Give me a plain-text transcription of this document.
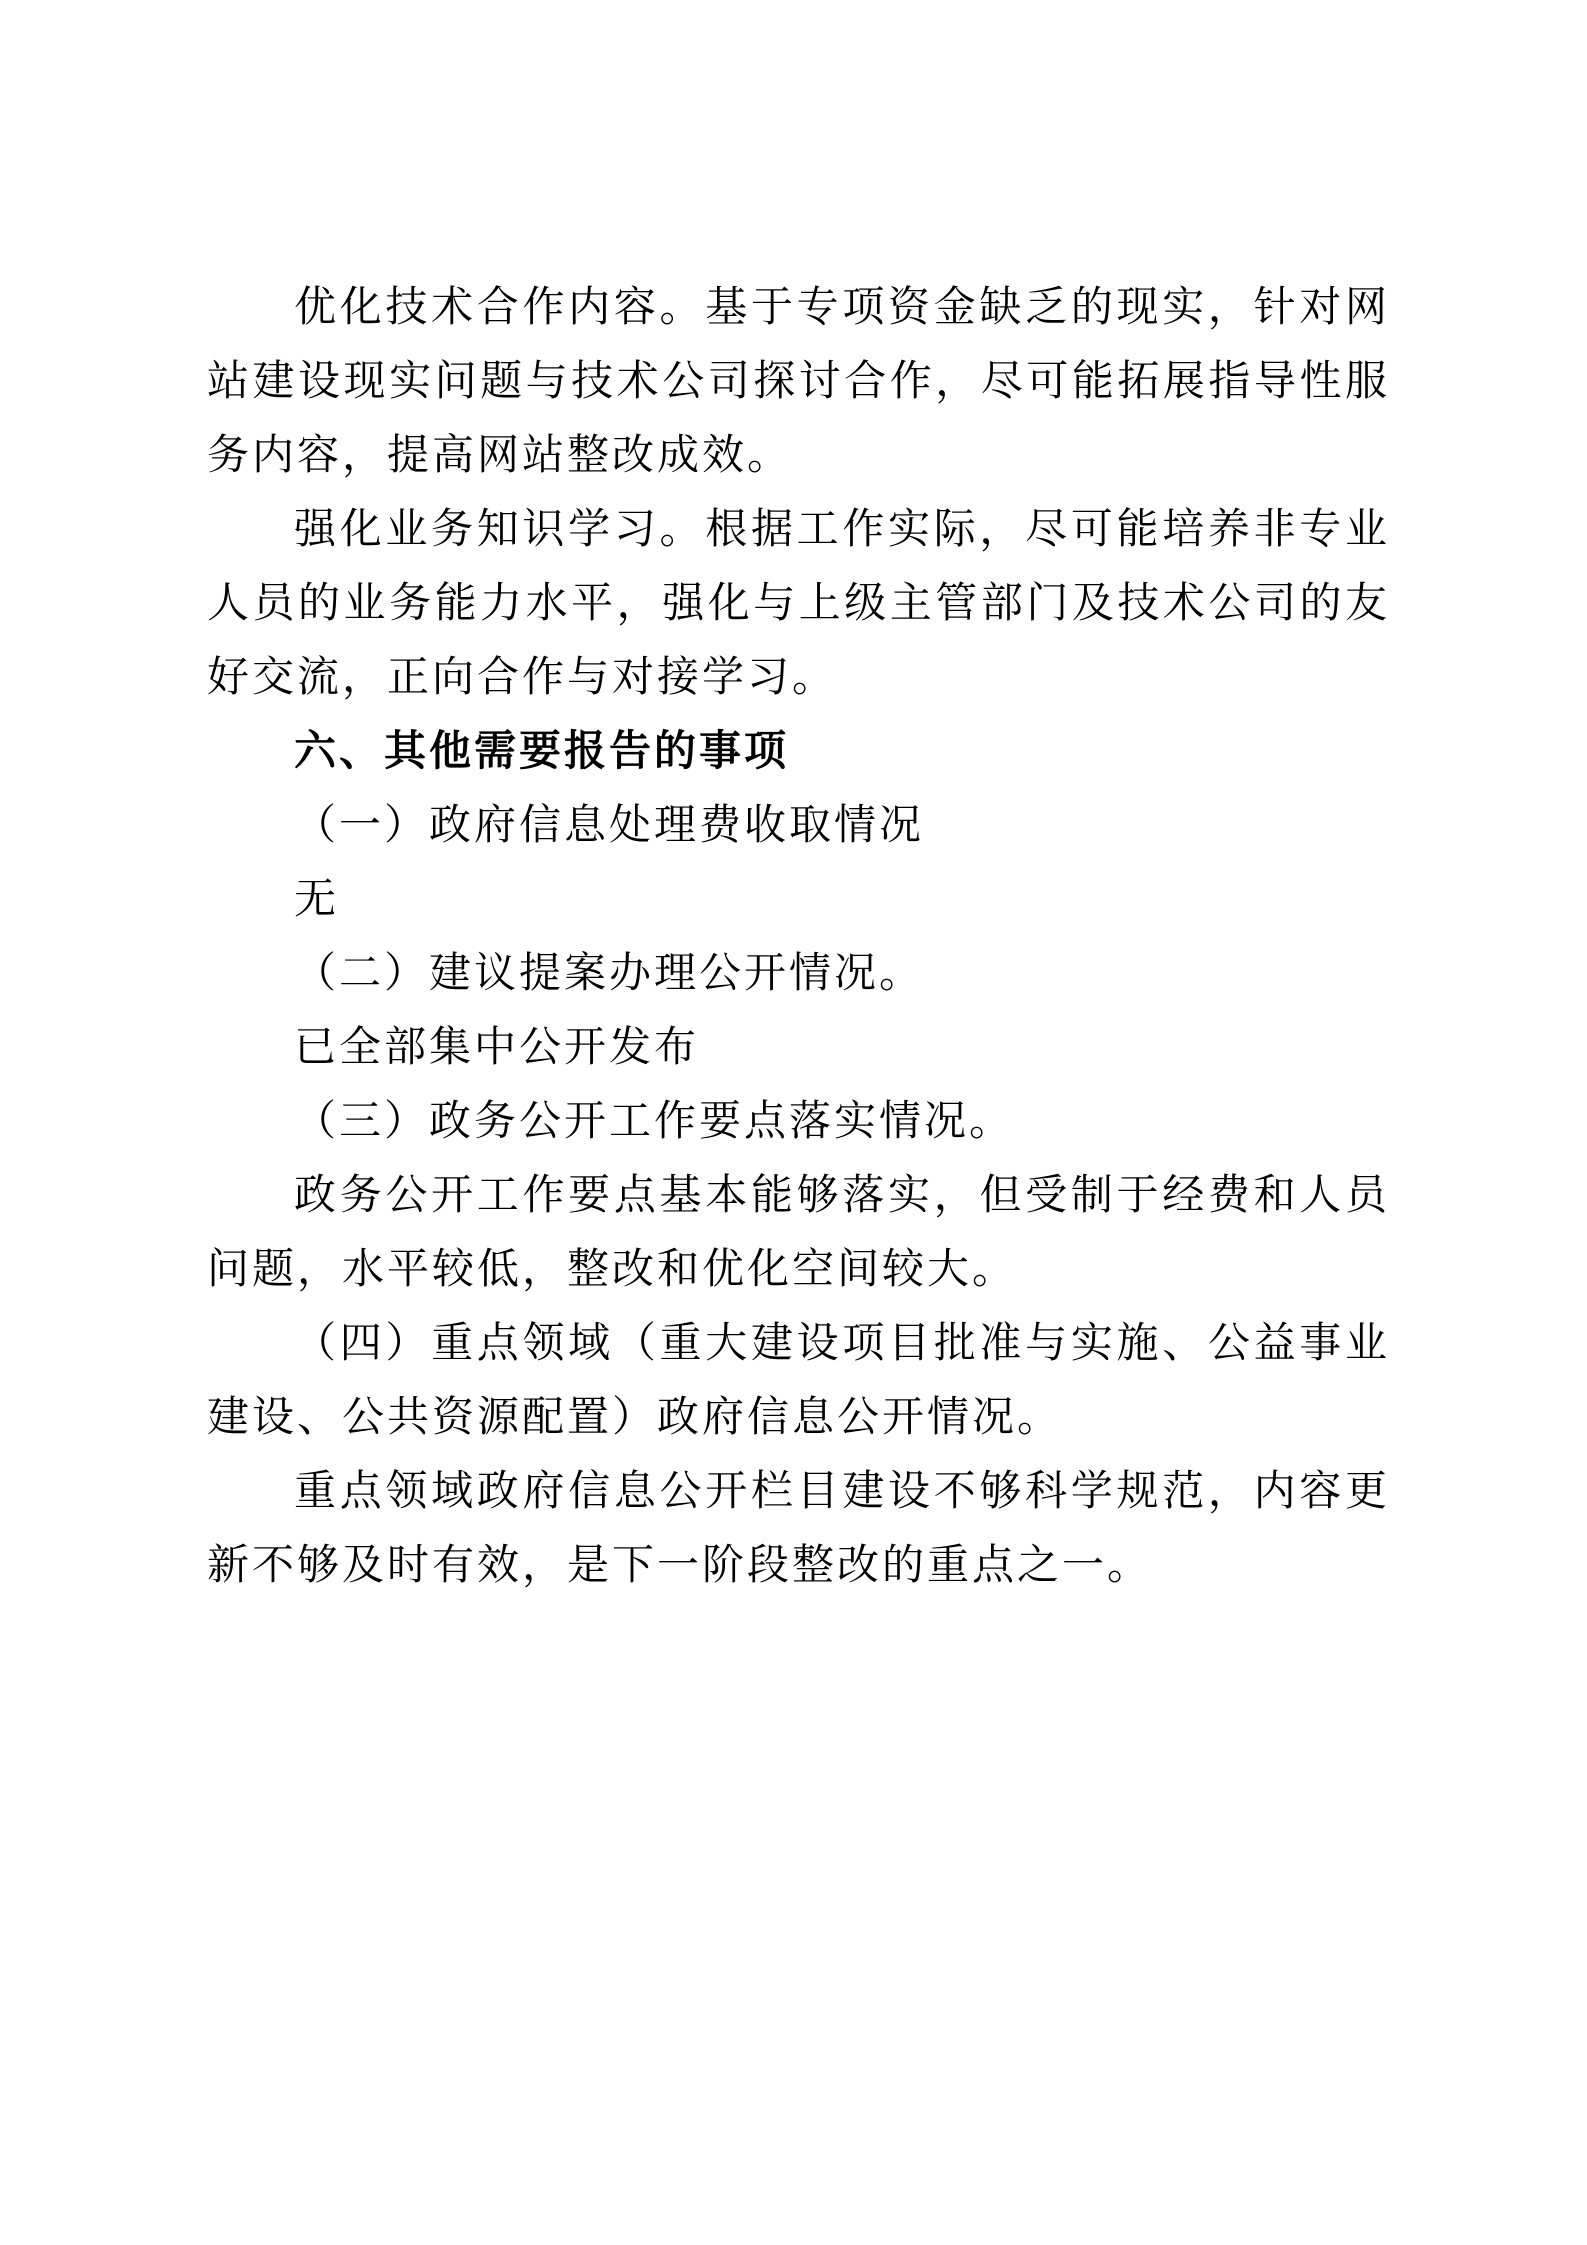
优化技术合作内容。基于专项资金缺乏的现实，针对网站建设现实问题与技术公司探讨合作，尽可能拓展指导性服务内容，提高网站整改成效。

强化业务知识学习。根据工作实际，尽可能培养非专业人员的业务能力水平，强化与上级主管部门及技术公司的友好交流，正向合作与对接学习。

六、其他需要报告的事项

（一）政府信息处理费收取情况

无

（二）建议提案办理公开情况。

已全部集中公开发布

（三）政务公开工作要点落实情况。

政务公开工作要点基本能够落实，但受制于经费和人员问题，水平较低，整改和优化空间较大。

（四）重点领域（重大建设项目批准与实施、公益事业建设、公共资源配置）政府信息公开情况。

重点领域政府信息公开栏目建设不够科学规范，内容更新不够及时有效，是下一阶段整改的重点之一。
